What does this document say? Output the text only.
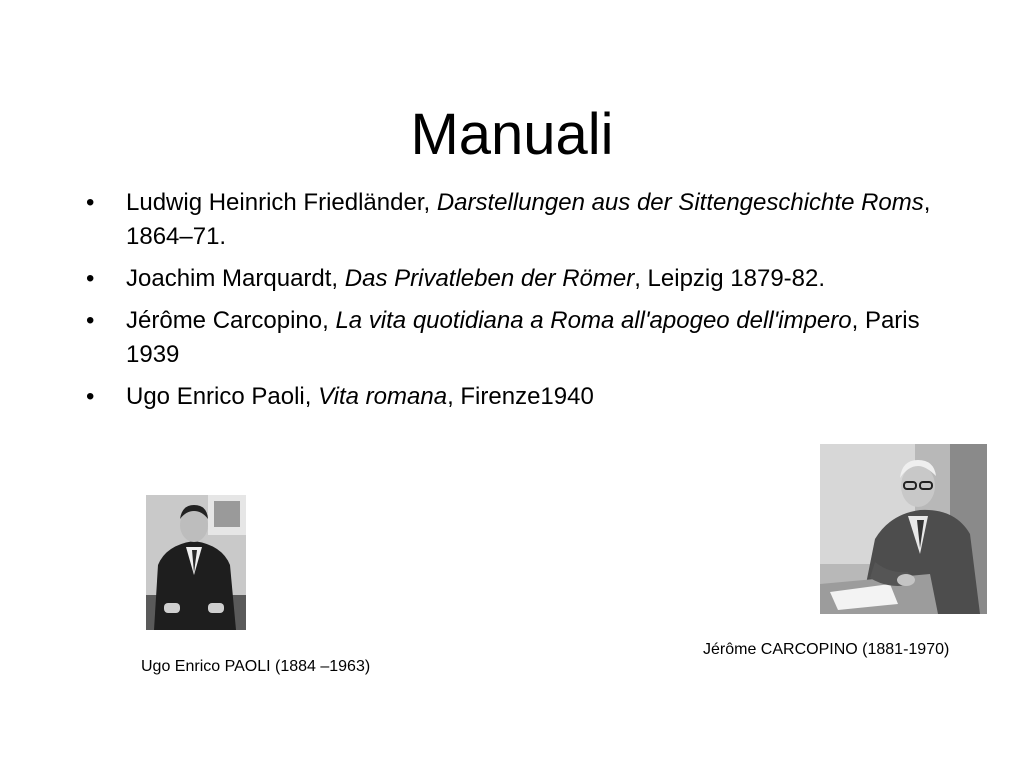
Manuali
•	Ludwig Heinrich Friedländer, Darstellungen aus der Sittengeschichte Roms, 1864–71.
•	Joachim Marquardt, Das Privatleben der Römer, Leipzig 1879-82.
•	Jérôme Carcopino, La vita quotidiana a Roma all'apogeo dell'impero, Paris 1939
•	Ugo Enrico Paoli, Vita romana, Firenze1940
Ugo Enrico PAOLI (1884 –1963)
Jérôme CARCOPINO (1881-1970)
